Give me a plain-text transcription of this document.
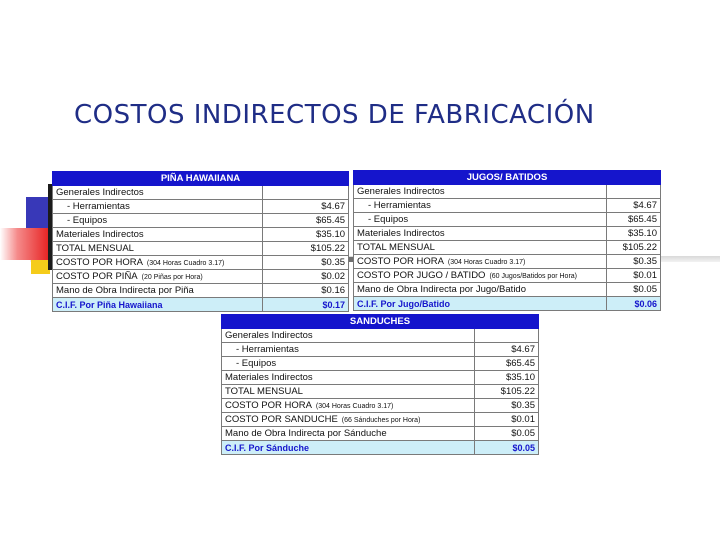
COSTOS INDIRECTOS DE FABRICACIÓN
PIÑA HAWAIIANA	
Generales Indirectos	
- Herramientas	$4.67
- Equipos	$65.45
Materiales Indirectos	$35.10
TOTAL MENSUAL	$105.22
COSTO POR HORA (304 Horas Cuadro 3.17)	$0.35
COSTO POR PIÑA (20 Piñas por Hora)	$0.02
Mano de Obra Indirecta por Piña	$0.16
C.I.F. Por Piña Hawaiiana	$0.17
JUGOS/ BATIDOS	
Generales Indirectos	
- Herramientas	$4.67
- Equipos	$65.45
Materiales Indirectos	$35.10
TOTAL MENSUAL	$105.22
COSTO POR HORA (304 Horas Cuadro 3.17)	$0.35
COSTO POR JUGO / BATIDO (60 Jugos/Batidos por Hora)	$0.01
Mano de Obra Indirecta por Jugo/Batido	$0.05
C.I.F. Por Jugo/Batido	$0.06
SANDUCHES	
Generales Indirectos	
- Herramientas	$4.67
- Equipos	$65.45
Materiales Indirectos	$35.10
TOTAL MENSUAL	$105.22
COSTO POR HORA (304 Horas Cuadro 3.17)	$0.35
COSTO POR SANDUCHE (66 Sánduches por Hora)	$0.01
Mano de Obra Indirecta por Sánduche	$0.05
C.I.F. Por Sánduche	$0.05
